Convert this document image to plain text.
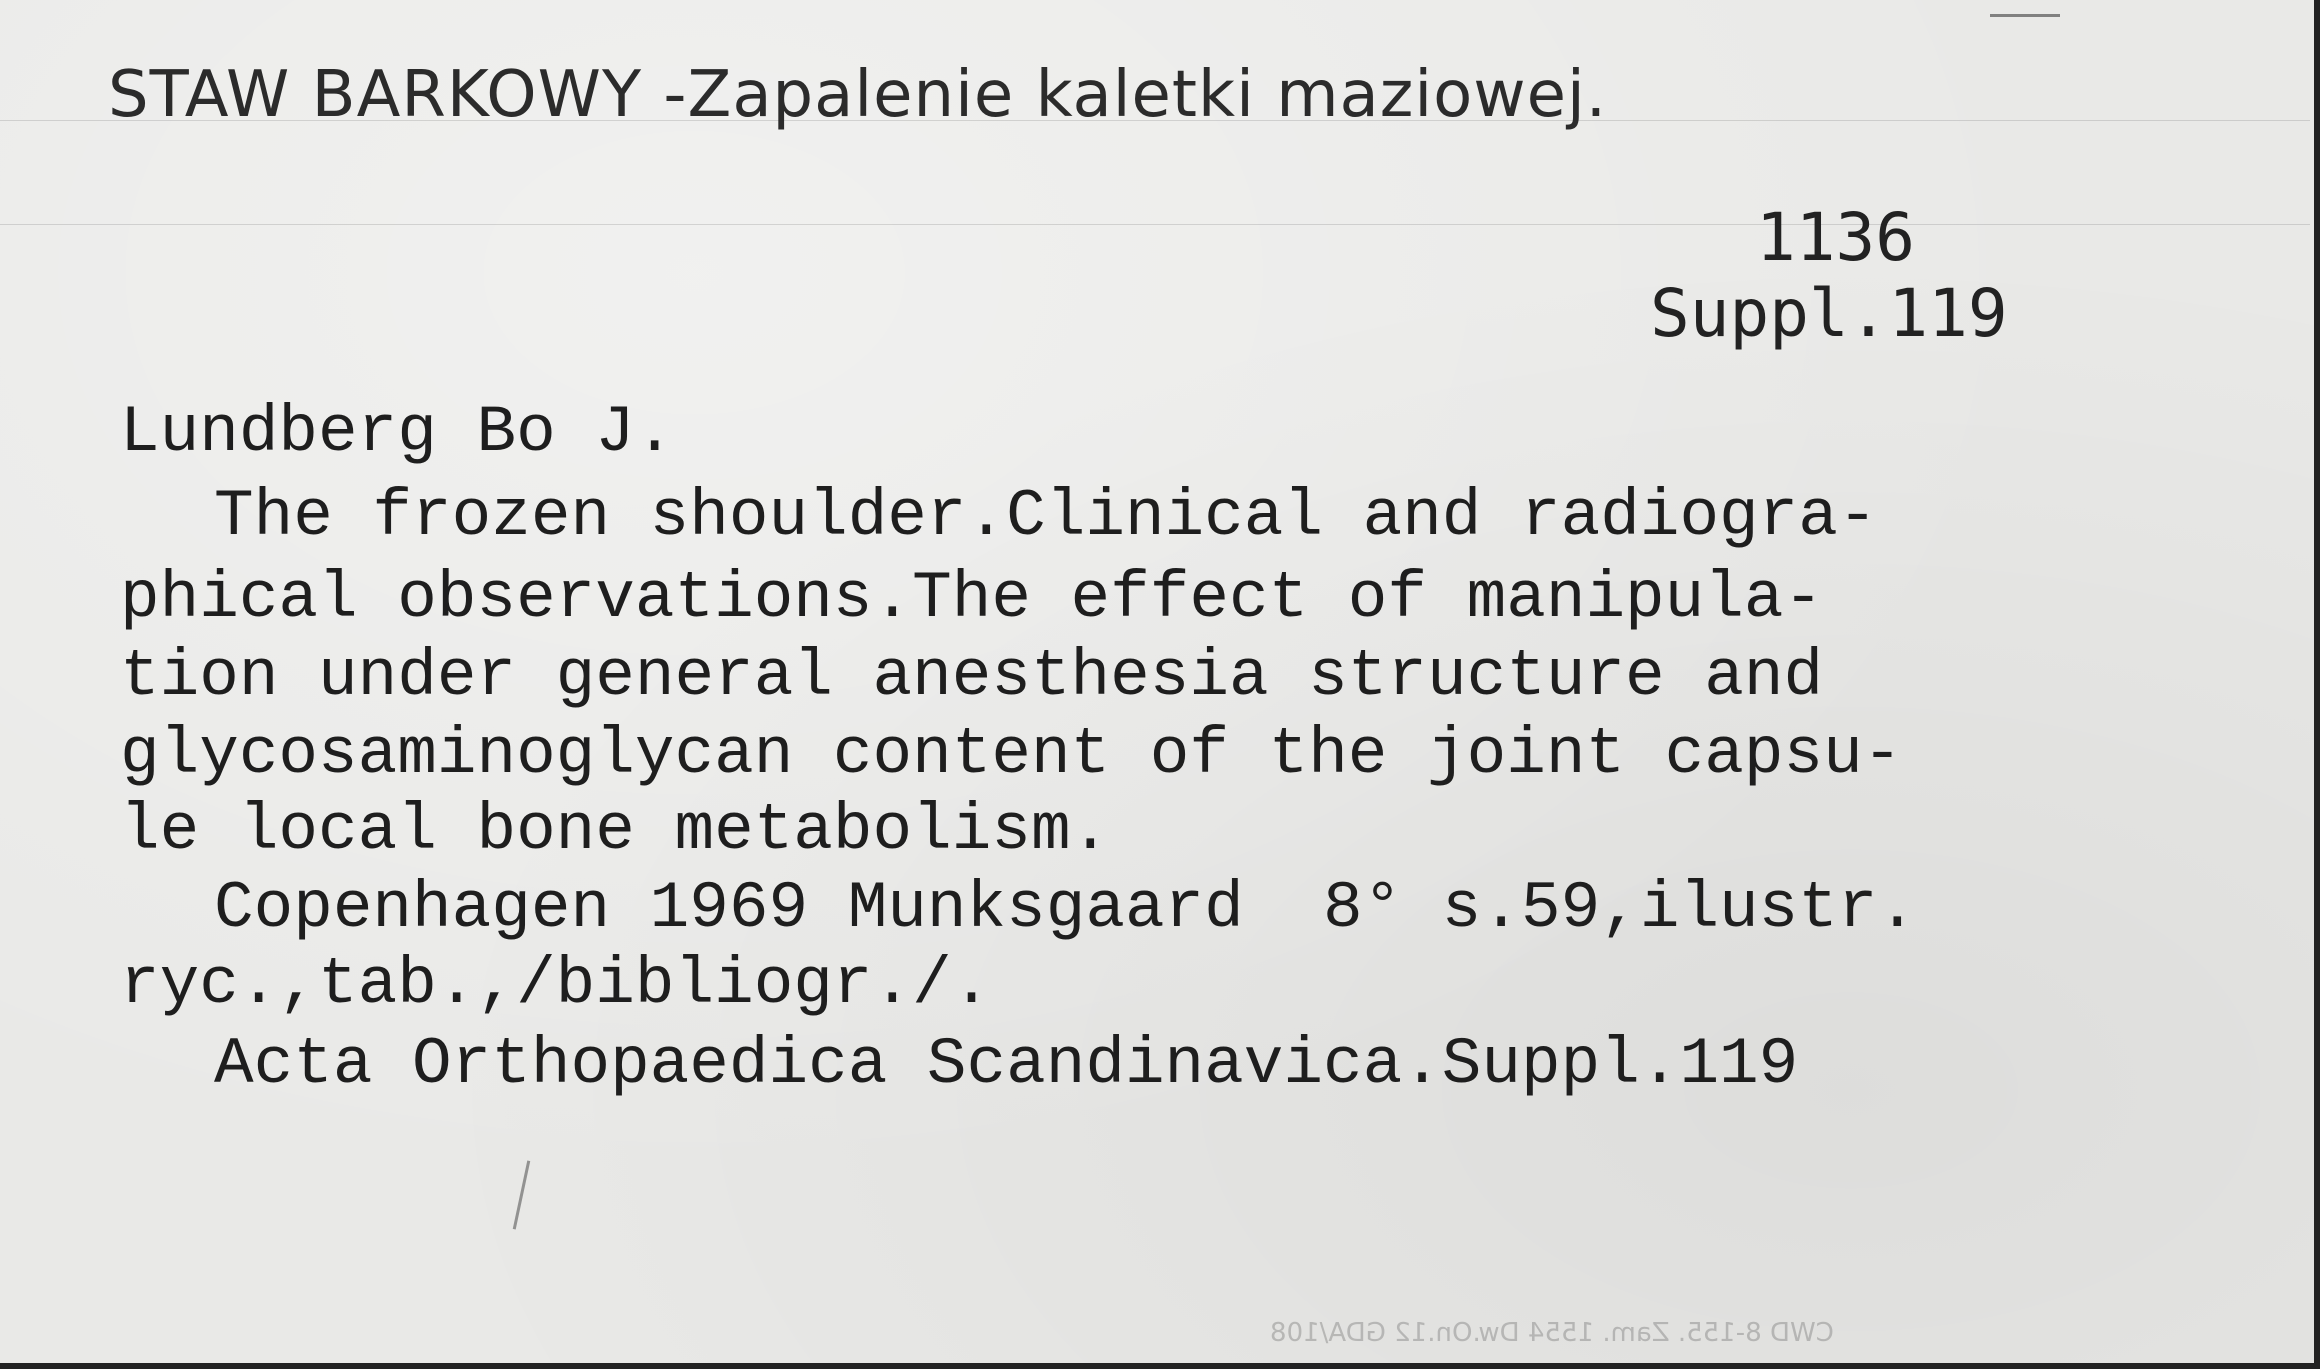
STAW BARKOWY -Zapalenie kaletki maziowej.
1136
Suppl.119
Lundberg Bo J.
The frozen shoulder.Clinical and radiogra-
phical observations.The effect of manipula-
tion under general anesthesia structure and
glycosaminoglycan content of the joint capsu-
le local bone metabolism.
Copenhagen 1969 Munksgaard  8° s.59,ilustr.
ryc.,tab.,/bibliogr./.
Acta Orthopaedica Scandinavica.Suppl.119
CWD 8-155. Zam. 1554 Dw.On.12 GDA/108
